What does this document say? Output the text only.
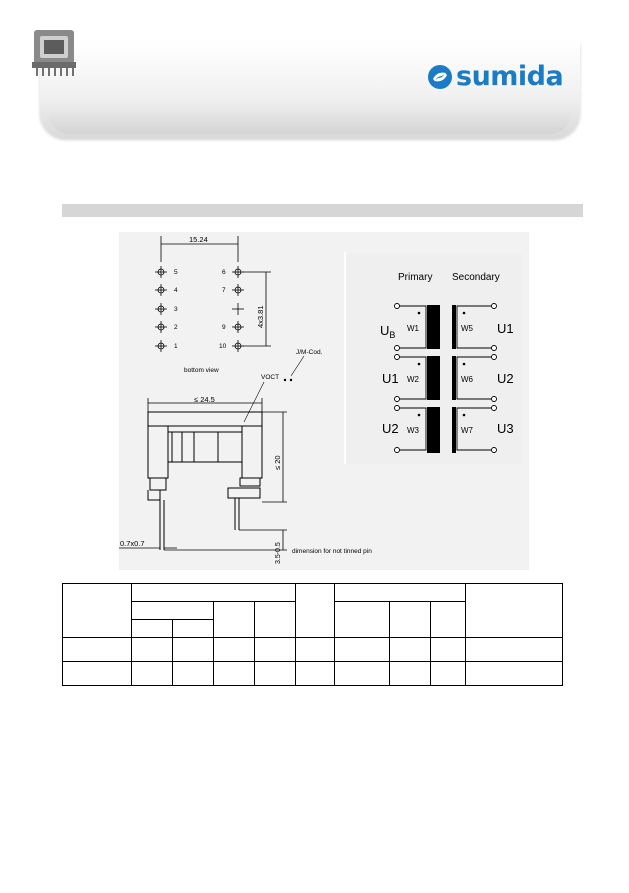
sumida
15.24
5
4
3
2
1
6
7
9
10
4x3.81
bottom view
J/M-Cod.
VOCT
≤ 24.5
≤ 20
3.5-0.5
0.7x0.7
dimension for not tinned pin
Primary Secondary
W1
W2
W3
W5
W6
W7
$U_B$
U1
U2
U1
U2
U3
